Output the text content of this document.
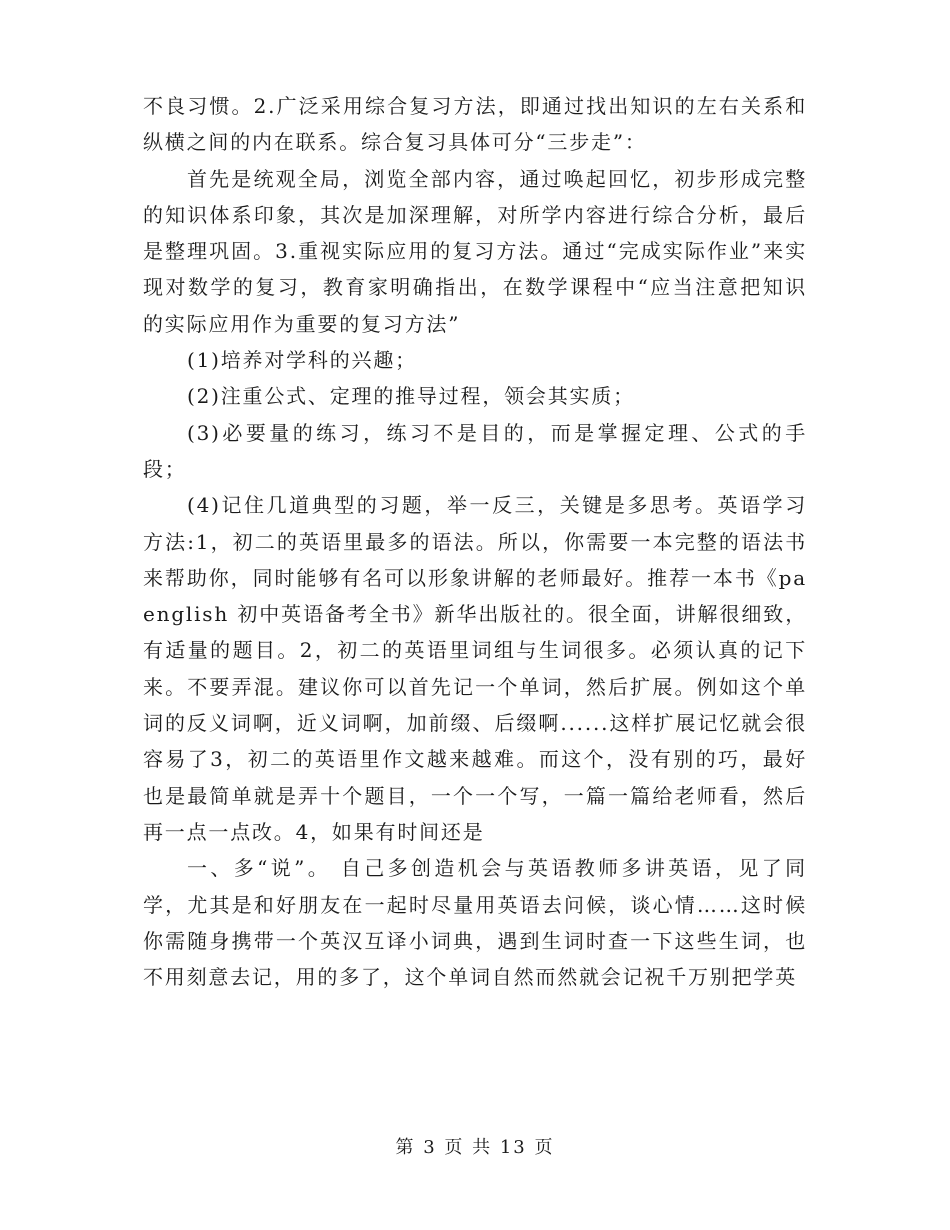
不良习惯。2.广泛采用综合复习方法，即通过找出知识的左右关系和纵横之间的内在联系。综合复习具体可分“三步走”：

首先是统观全局，浏览全部内容，通过唤起回忆，初步形成完整的知识体系印象，其次是加深理解，对所学内容进行综合分析，最后是整理巩固。3.重视实际应用的复习方法。通过“完成实际作业”来实现对数学的复习，教育家明确指出，在数学课程中“应当注意把知识的实际应用作为重要的复习方法”

(1)培养对学科的兴趣；

(2)注重公式、定理的推导过程，领会其实质；

(3)必要量的练习，练习不是目的，而是掌握定理、公式的手段；

(4)记住几道典型的习题，举一反三，关键是多思考。英语学习方法:1，初二的英语里最多的语法。所以，你需要一本完整的语法书来帮助你，同时能够有名可以形象讲解的老师最好。推荐一本书《paenglish 初中英语备考全书》新华出版社的。很全面，讲解很细致，有适量的题目。2，初二的英语里词组与生词很多。必须认真的记下来。不要弄混。建议你可以首先记一个单词，然后扩展。例如这个单词的反义词啊，近义词啊，加前缀、后缀啊......这样扩展记忆就会很容易了3，初二的英语里作文越来越难。而这个，没有别的巧，最好也是最简单就是弄十个题目，一个一个写，一篇一篇给老师看，然后再一点一点改。4，如果有时间还是

一、多“说”。 自己多创造机会与英语教师多讲英语，见了同学，尤其是和好朋友在一起时尽量用英语去问候，谈心情……这时候你需随身携带一个英汉互译小词典，遇到生词时查一下这些生词，也不用刻意去记，用的多了，这个单词自然而然就会记祝千万别把学英

第 3 页 共 13 页
